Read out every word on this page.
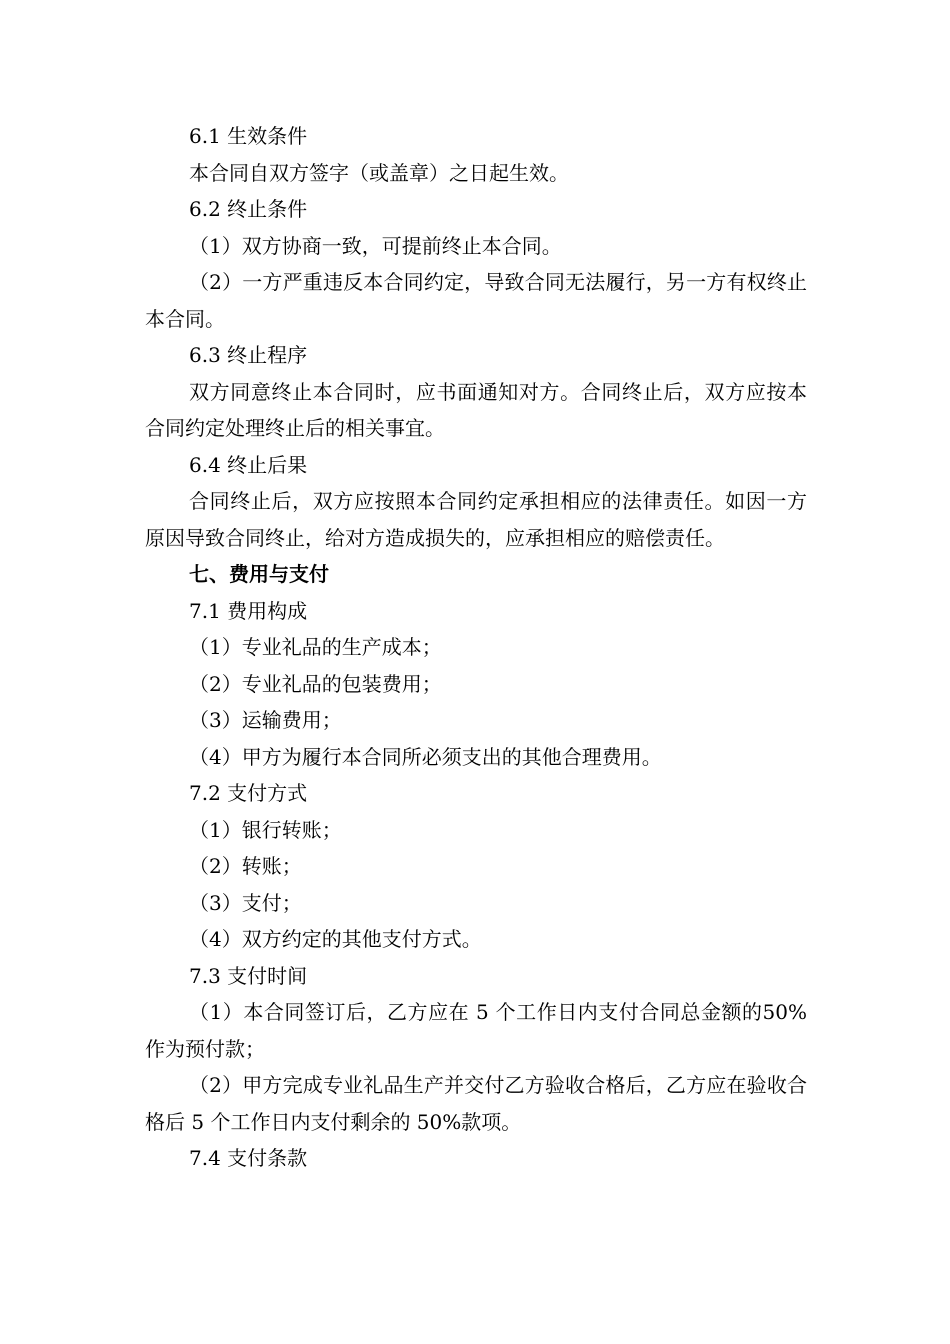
6.1 生效条件

本合同自双方签字（或盖章）之日起生效。

6.2 终止条件

（1）双方协商一致，可提前终止本合同。

（2）一方严重违反本合同约定，导致合同无法履行，另一方有权终止本合同。

6.3 终止程序

双方同意终止本合同时，应书面通知对方。合同终止后，双方应按本合同约定处理终止后的相关事宜。

6.4 终止后果

合同终止后，双方应按照本合同约定承担相应的法律责任。如因一方原因导致合同终止，给对方造成损失的，应承担相应的赔偿责任。

七、费用与支付

7.1 费用构成

（1）专业礼品的生产成本；

（2）专业礼品的包装费用；

（3）运输费用；

（4）甲方为履行本合同所必须支出的其他合理费用。

7.2 支付方式

（1）银行转账；

（2）转账；

（3）支付；

（4）双方约定的其他支付方式。

7.3 支付时间

（1）本合同签订后，乙方应在 5 个工作日内支付合同总金额的50%作为预付款；

（2）甲方完成专业礼品生产并交付乙方验收合格后，乙方应在验收合格后 5 个工作日内支付剩余的 50%款项。

7.4 支付条款
